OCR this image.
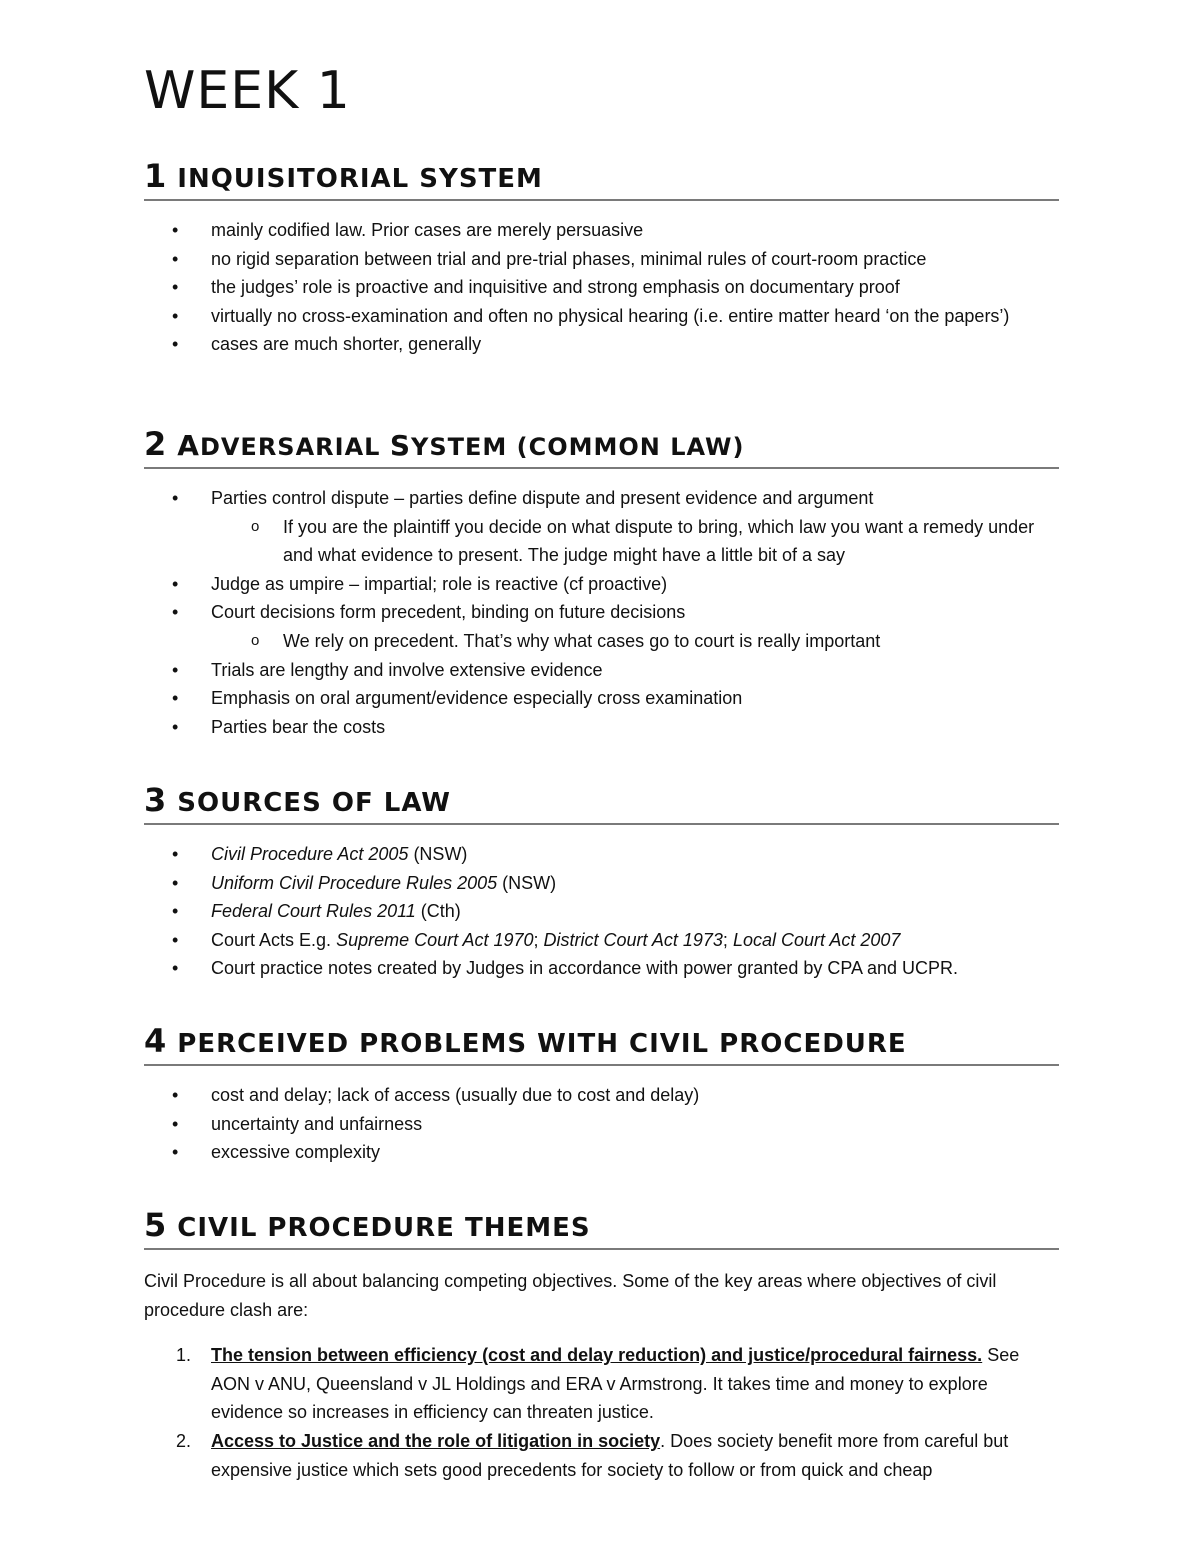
WEEK 1
1 INQUISITORIAL SYSTEM
• mainly codified law. Prior cases are merely persuasive
• no rigid separation between trial and pre-trial phases, minimal rules of court-room practice
• the judges’ role is proactive and inquisitive and strong emphasis on documentary proof
• virtually no cross-examination and often no physical hearing (i.e. entire matter heard ‘on the papers’)
• cases are much shorter, generally
2 ADVERSARIAL SYSTEM (COMMON LAW)
• Parties control dispute – parties define dispute and present evidence and argument
o If you are the plaintiff you decide on what dispute to bring, which law you want a remedy under and what evidence to present. The judge might have a little bit of a say
• Judge as umpire – impartial; role is reactive (cf proactive)
• Court decisions form precedent, binding on future decisions
o We rely on precedent. That’s why what cases go to court is really important
• Trials are lengthy and involve extensive evidence
• Emphasis on oral argument/evidence especially cross examination
• Parties bear the costs
3 SOURCES OF LAW
• Civil Procedure Act 2005 (NSW)
• Uniform Civil Procedure Rules 2005 (NSW)
• Federal Court Rules 2011 (Cth)
• Court Acts E.g. Supreme Court Act 1970; District Court Act 1973; Local Court Act 2007
• Court practice notes created by Judges in accordance with power granted by CPA and UCPR.
4 PERCEIVED PROBLEMS WITH CIVIL PROCEDURE
• cost and delay; lack of access (usually due to cost and delay)
• uncertainty and unfairness
• excessive complexity
5 CIVIL PROCEDURE THEMES

Civil Procedure is all about balancing competing objectives. Some of the key areas where objectives of civil procedure clash are:

1. The tension between efficiency (cost and delay reduction) and justice/procedural fairness. See AON v ANU, Queensland v JL Holdings and ERA v Armstrong. It takes time and money to explore evidence so increases in efficiency can threaten justice.
2. Access to Justice and the role of litigation in society. Does society benefit more from careful but expensive justice which sets good precedents for society to follow or from quick and cheap
